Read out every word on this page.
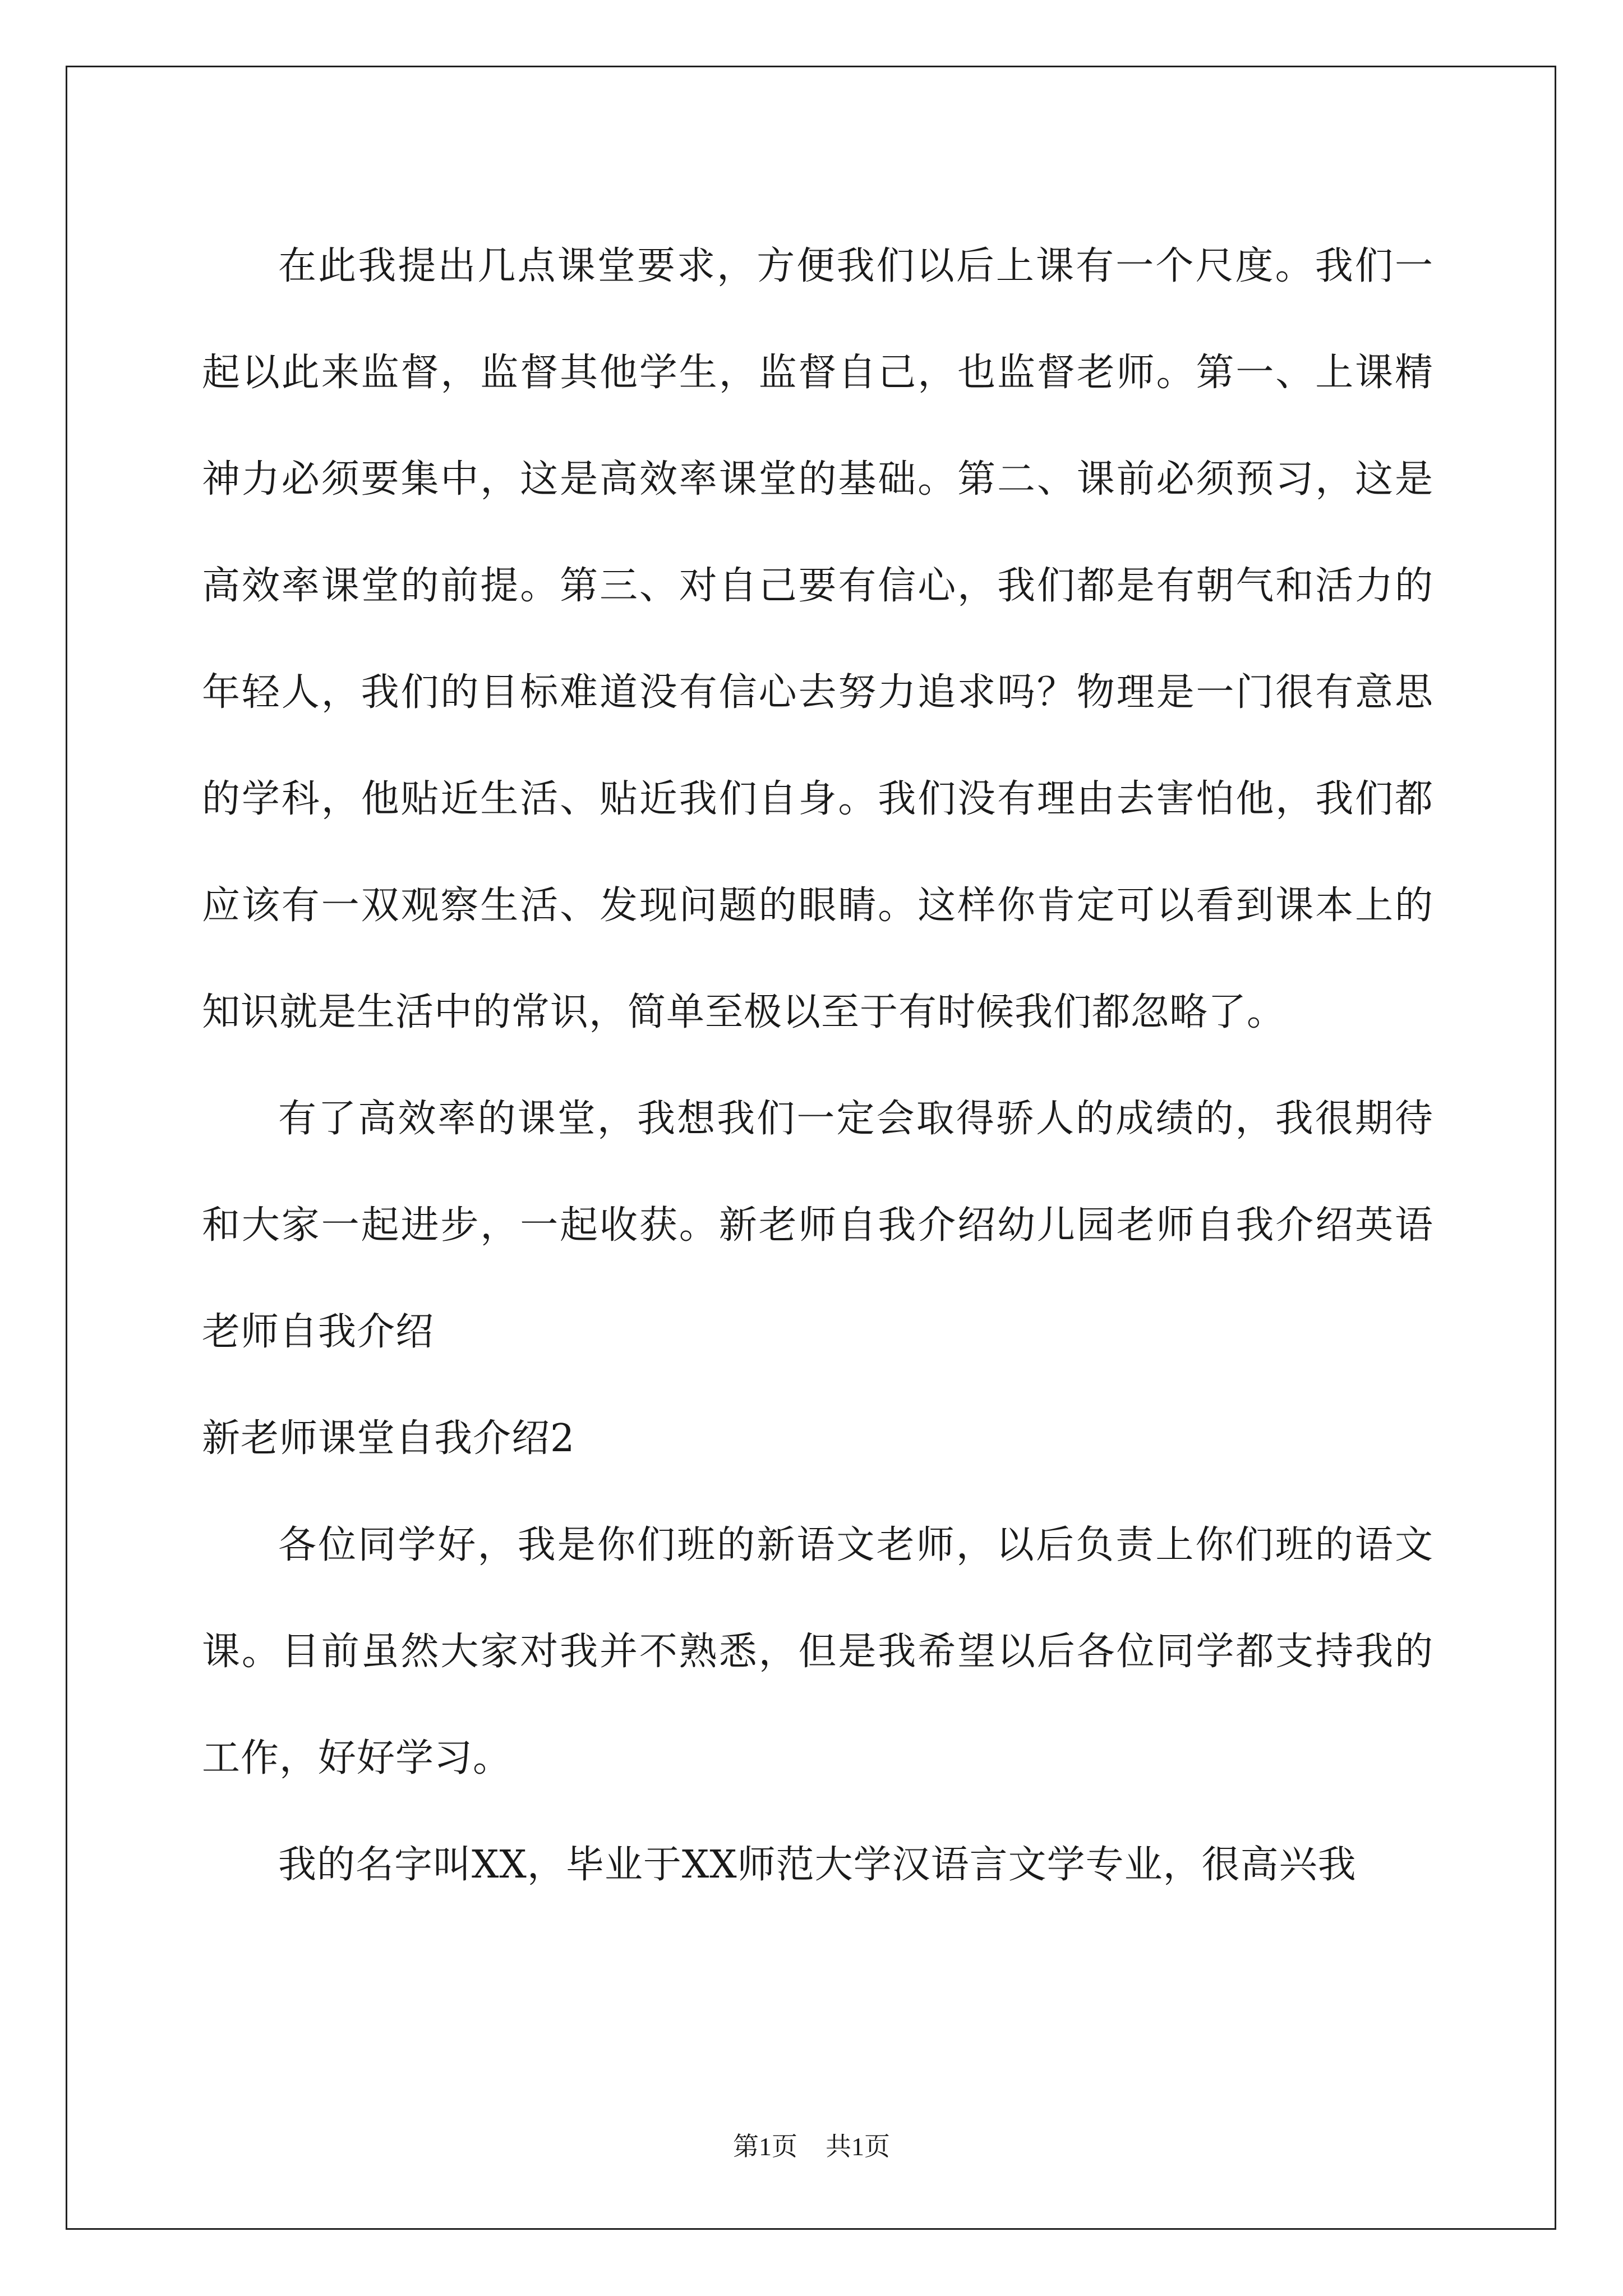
在此我提出几点课堂要求，方便我们以后上课有一个尺度。我们一起以此来监督，监督其他学生，监督自己，也监督老师。第一、上课精神力必须要集中，这是高效率课堂的基础。第二、课前必须预习，这是高效率课堂的前提。第三、对自己要有信心，我们都是有朝气和活力的年轻人，我们的目标难道没有信心去努力追求吗？物理是一门很有意思的学科，他贴近生活、贴近我们自身。我们没有理由去害怕他，我们都应该有一双观察生活、发现问题的眼睛。这样你肯定可以看到课本上的知识就是生活中的常识，简单至极以至于有时候我们都忽略了。

有了高效率的课堂，我想我们一定会取得骄人的成绩的，我很期待和大家一起进步，一起收获。新老师自我介绍幼儿园老师自我介绍英语老师自我介绍

新老师课堂自我介绍2

各位同学好，我是你们班的新语文老师，以后负责上你们班的语文课。目前虽然大家对我并不熟悉，但是我希望以后各位同学都支持我的工作，好好学习。

我的名字叫XX，毕业于XX师范大学汉语言文学专业，很高兴我

第1页 共1页
